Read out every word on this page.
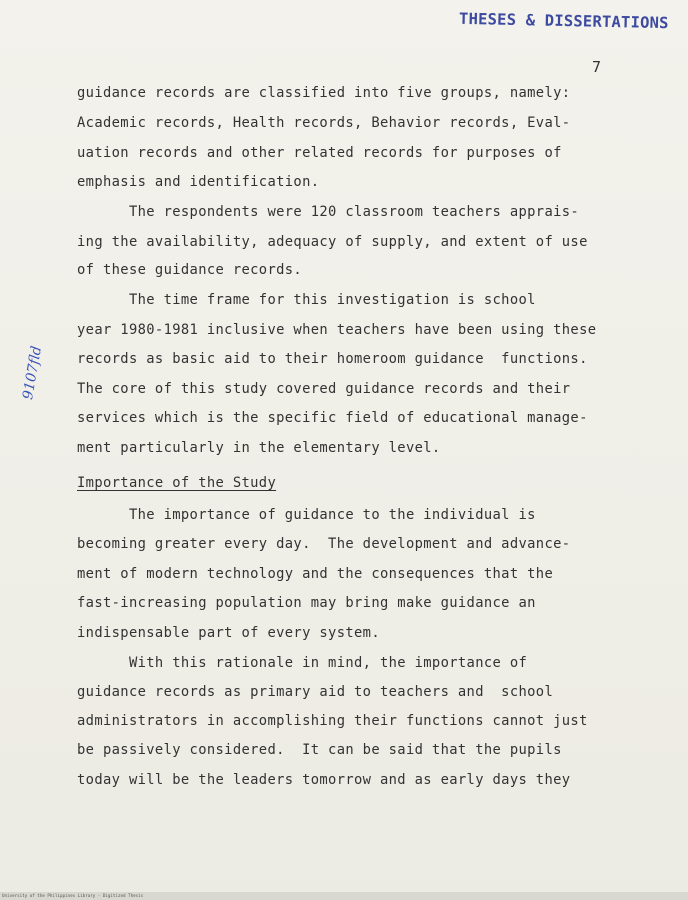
THESES & DISSERTATIONS
7
9107fld
guidance records are classified into five groups, namely:
Academic records, Health records, Behavior records, Eval-
uation records and other related records for purposes of
emphasis and identification.
The respondents were 120 classroom teachers apprais-
ing the availability, adequacy of supply, and extent of use
of these guidance records.
The time frame for this investigation is school
year 1980-1981 inclusive when teachers have been using these
records as basic aid to their homeroom guidance  functions.
The core of this study covered guidance records and their
services which is the specific field of educational manage-
ment particularly in the elementary level.
Importance of the Study
The importance of guidance to the individual is
becoming greater every day.  The development and advance-
ment of modern technology and the consequences that the
fast-increasing population may bring make guidance an
indispensable part of every system.
With this rationale in mind, the importance of
guidance records as primary aid to teachers and  school
administrators in accomplishing their functions cannot just
be passively considered.  It can be said that the pupils
today will be the leaders tomorrow and as early days they
University of the Philippines Library - Digitized Thesis
